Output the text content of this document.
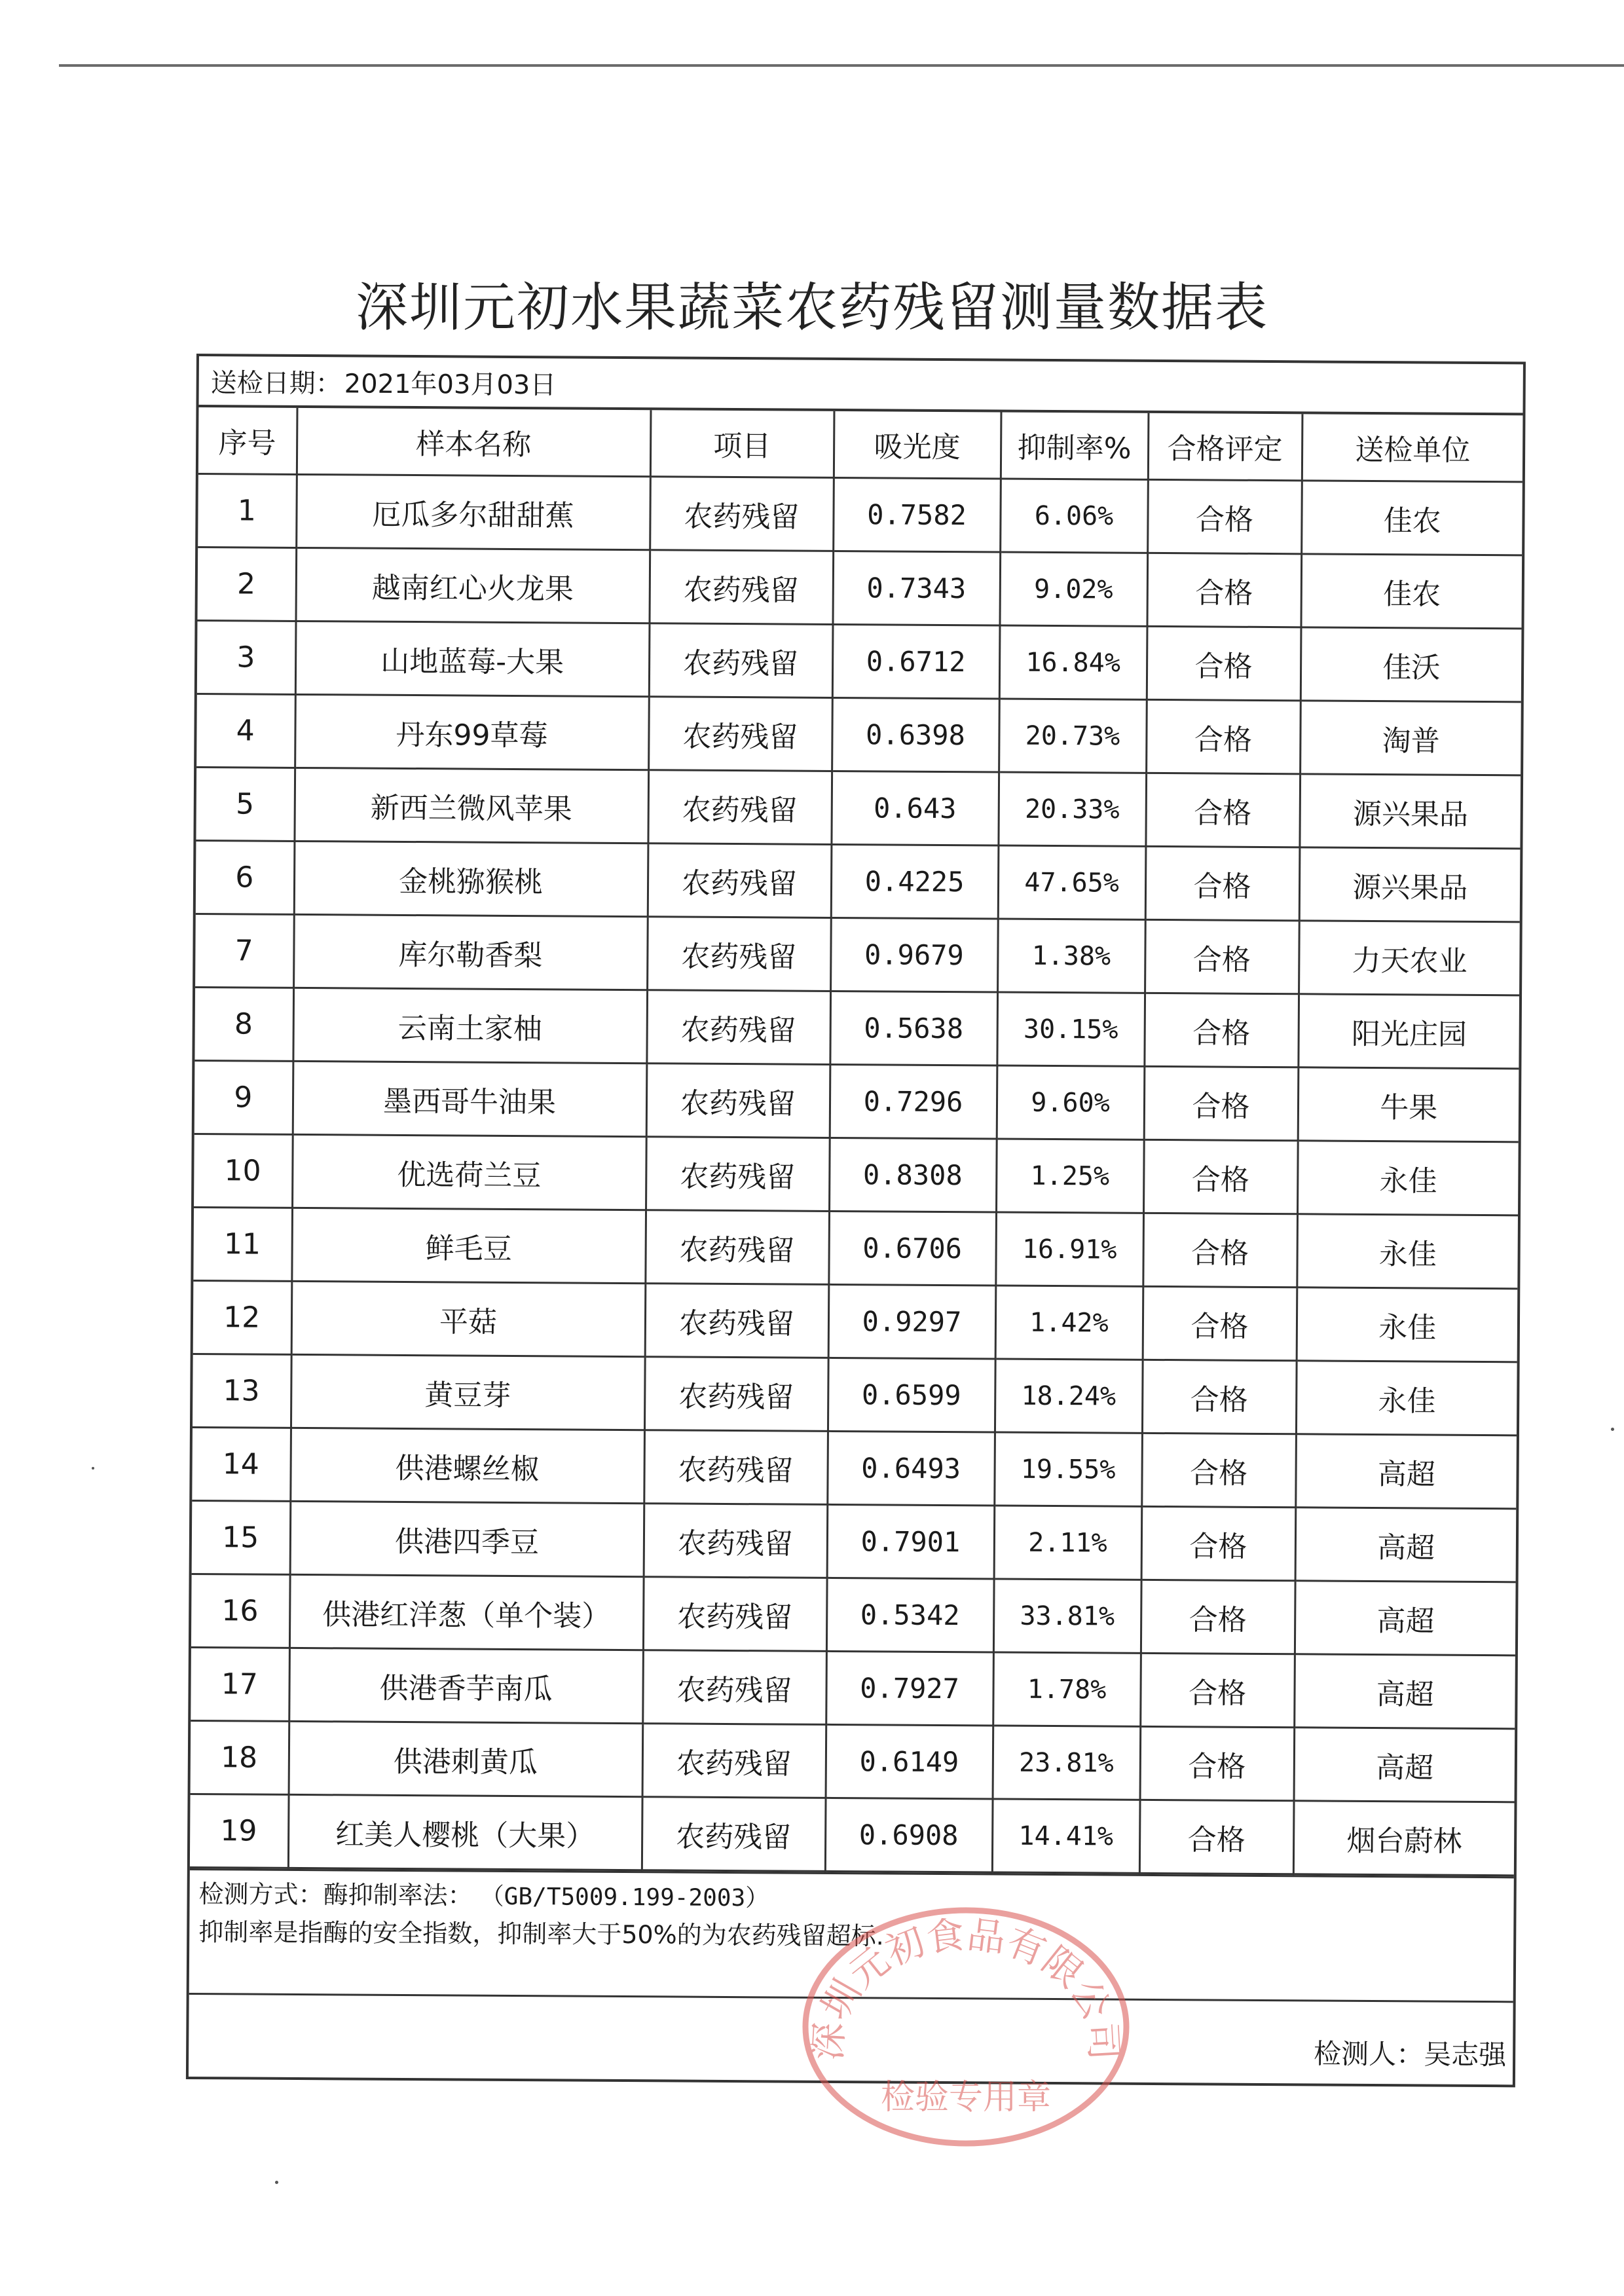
深圳元初水果蔬菜农药残留测量数据表
送检日期： 2021年03月03日
序号	样本名称	项目	吸光度	抑制率%	合格评定	送检单位
1	厄瓜多尔甜甜蕉	农药残留	0.7582	6.06%	合格	佳农
2	越南红心火龙果	农药残留	0.7343	9.02%	合格	佳农
3	山地蓝莓-大果	农药残留	0.6712	16.84%	合格	佳沃
4	丹东99草莓	农药残留	0.6398	20.73%	合格	淘普
5	新西兰微风苹果	农药残留	0.643	20.33%	合格	源兴果品
6	金桃猕猴桃	农药残留	0.4225	47.65%	合格	源兴果品
7	库尔勒香梨	农药残留	0.9679	1.38%	合格	力天农业
8	云南土家柚	农药残留	0.5638	30.15%	合格	阳光庄园
9	墨西哥牛油果	农药残留	0.7296	9.60%	合格	牛果
10	优选荷兰豆	农药残留	0.8308	1.25%	合格	永佳
11	鲜毛豆	农药残留	0.6706	16.91%	合格	永佳
12	平菇	农药残留	0.9297	1.42%	合格	永佳
13	黄豆芽	农药残留	0.6599	18.24%	合格	永佳
14	供港螺丝椒	农药残留	0.6493	19.55%	合格	高超
15	供港四季豆	农药残留	0.7901	2.11%	合格	高超
16	供港红洋葱（单个装）	农药残留	0.5342	33.81%	合格	高超
17	供港香芋南瓜	农药残留	0.7927	1.78%	合格	高超
18	供港刺黄瓜	农药残留	0.6149	23.81%	合格	高超
19	红美人樱桃（大果）	农药残留	0.6908	14.41%	合格	烟台蔚林
检测方式：酶抑制率法： （GB/T5009.199-2003）
抑制率是指酶的安全指数，抑制率大于50%的为农药残留超标.
检测人： 吴志强
深圳元初食品有限公司
检验专用章
